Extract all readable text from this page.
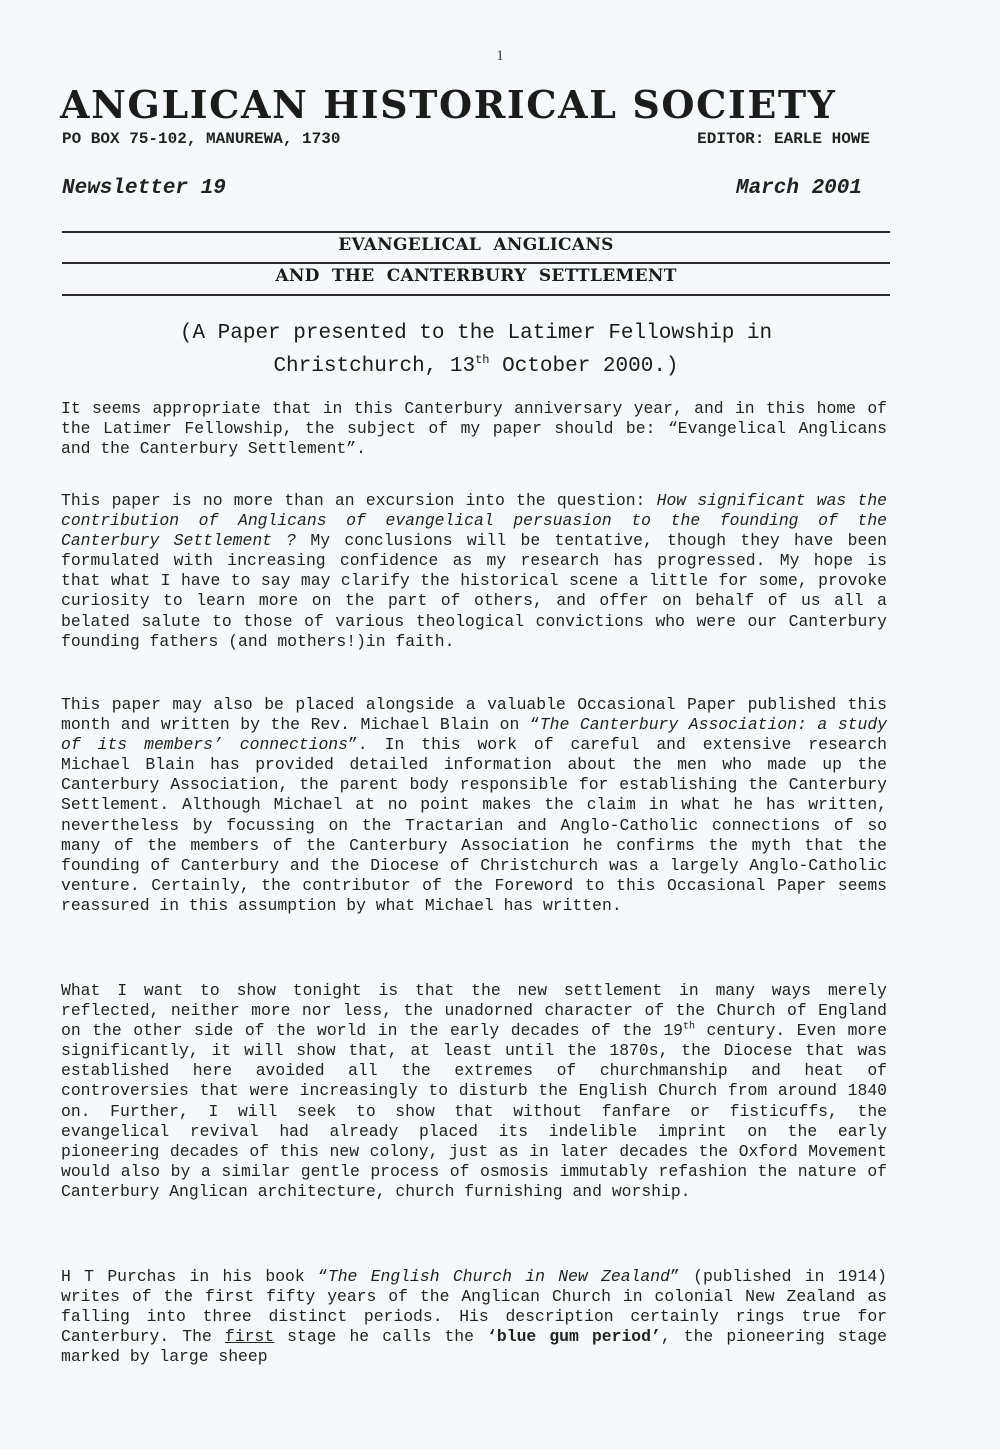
1
ANGLICAN HISTORICAL SOCIETY
PO BOX 75-102, MANUREWA, 1730	EDITOR: EARLE HOWE
Newsletter 19	March 2001
EVANGELICAL ANGLICANS
AND THE CANTERBURY SETTLEMENT
(A Paper presented to the Latimer Fellowship in
Christchurch, 13th October 2000.)

It seems appropriate that in this Canterbury anniversary year, and in this home of the Latimer Fellowship, the subject of my paper should be: “Evangelical Anglicans and the Canterbury Settlement”.

This paper is no more than an excursion into the question: How significant was the contribution of Anglicans of evangelical persuasion to the founding of the Canterbury Settlement ? My conclusions will be tentative, though they have been formulated with increasing confidence as my research has progressed. My hope is that what I have to say may clarify the historical scene a little for some, provoke curiosity to learn more on the part of others, and offer on behalf of us all a belated salute to those of various theological convictions who were our Canterbury founding fathers (and mothers!)in faith.

This paper may also be placed alongside a valuable Occasional Paper published this month and written by the Rev. Michael Blain on “The Canterbury Association: a study of its members’ connections”. In this work of careful and extensive research Michael Blain has provided detailed information about the men who made up the Canterbury Association, the parent body responsible for establishing the Canterbury Settlement. Although Michael at no point makes the claim in what he has written, nevertheless by focussing on the Tractarian and Anglo-Catholic connections of so many of the members of the Canterbury Association he confirms the myth that the founding of Canterbury and the Diocese of Christchurch was a largely Anglo-Catholic venture. Certainly, the contributor of the Foreword to this Occasional Paper seems reassured in this assumption by what Michael has written.

What I want to show tonight is that the new settlement in many ways merely reflected, neither more nor less, the unadorned character of the Church of England on the other side of the world in the early decades of the 19th century. Even more significantly, it will show that, at least until the 1870s, the Diocese that was established here avoided all the extremes of churchmanship and heat of controversies that were increasingly to disturb the English Church from around 1840 on. Further, I will seek to show that without fanfare or fisticuffs, the evangelical revival had already placed its indelible imprint on the early pioneering decades of this new colony, just as in later decades the Oxford Movement would also by a similar gentle process of osmosis immutably refashion the nature of Canterbury Anglican architecture, church furnishing and worship.

H T Purchas in his book “The English Church in New Zealand” (published in 1914) writes of the first fifty years of the Anglican Church in colonial New Zealand as falling into three distinct periods. His description certainly rings true for Canterbury. The first stage he calls the ‘blue gum period’, the pioneering stage marked by large sheep
